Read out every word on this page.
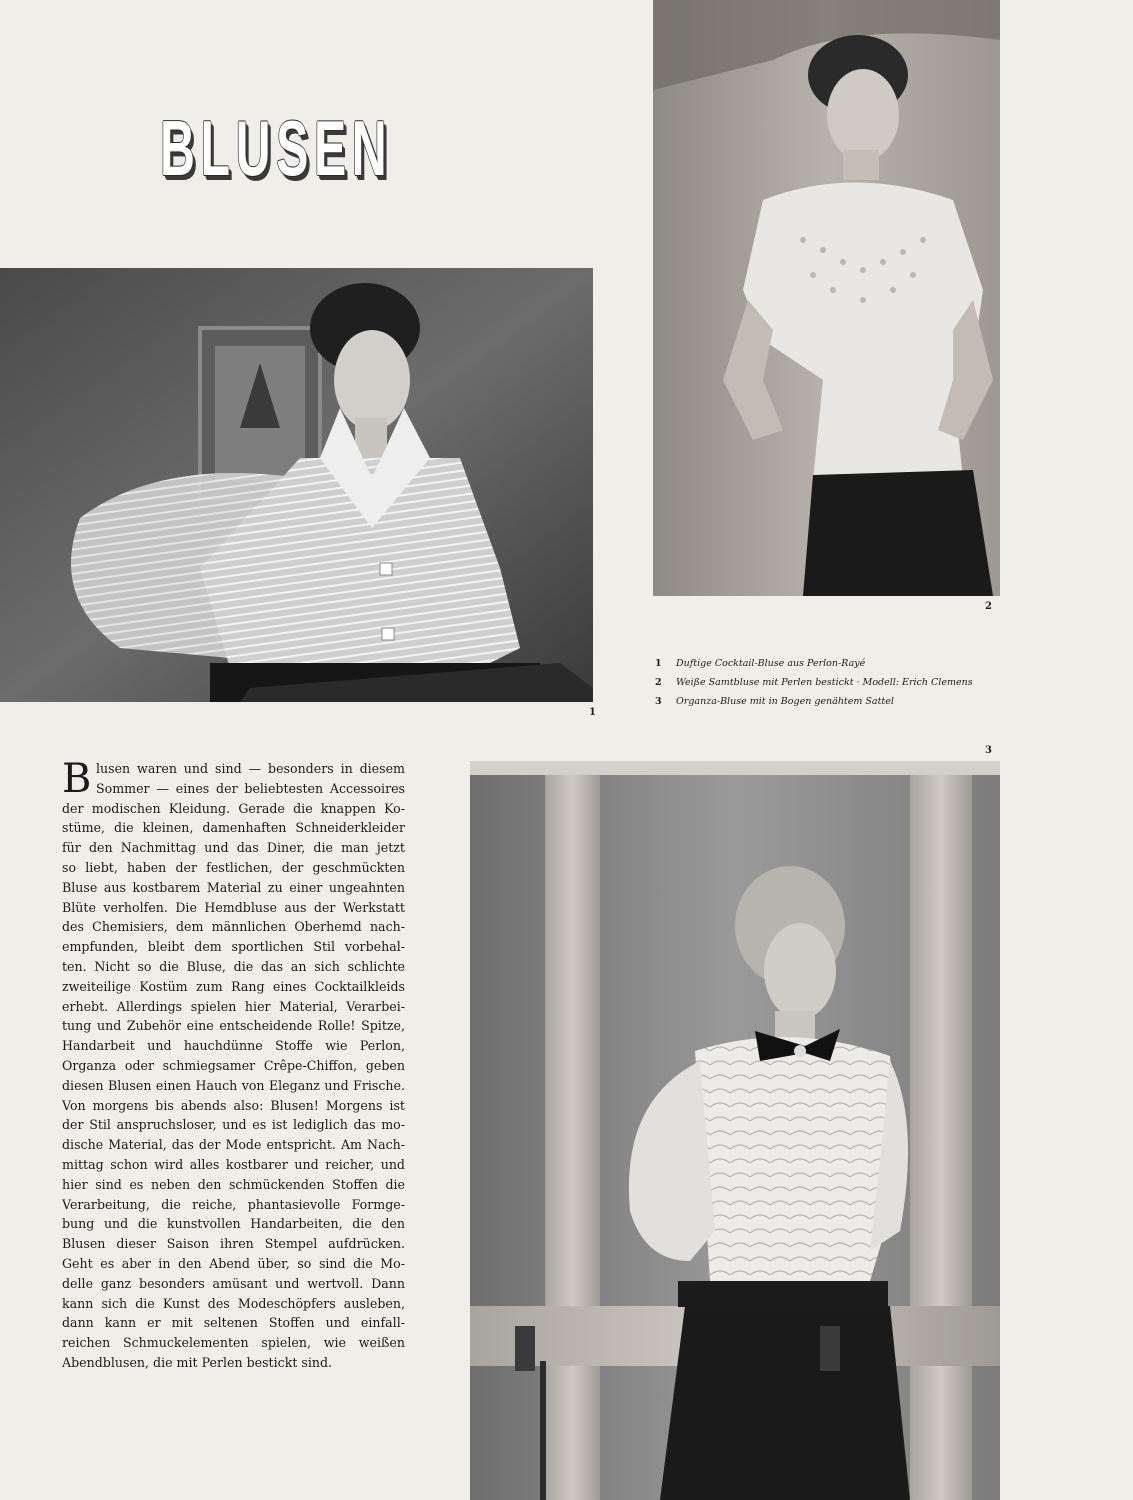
BLUSEN
1
2
1	Duftige Cocktail-Bluse aus Perlon-Rayé
2	Weiße Samtbluse mit Perlen bestickt · Modell: Erich Clemens
3	Organza-Bluse mit in Bogen genähtem Sattel
3
B lusen waren und sind — besonders in diesem
Sommer — eines der beliebtesten Accessoires
der modischen Kleidung. Gerade die knappen Ko-
stüme, die kleinen, damenhaften Schneiderkleider
für den Nachmittag und das Diner, die man jetzt
so liebt, haben der festlichen, der geschmückten
Bluse aus kostbarem Material zu einer ungeahnten
Blüte verholfen. Die Hemdbluse aus der Werkstatt
des Chemisiers, dem männlichen Oberhemd nach-
empfunden, bleibt dem sportlichen Stil vorbehal-
ten. Nicht so die Bluse, die das an sich schlichte
zweiteilige Kostüm zum Rang eines Cocktailkleids
erhebt. Allerdings spielen hier Material, Verarbei-
tung und Zubehör eine entscheidende Rolle! Spitze,
Handarbeit und hauchdünne Stoffe wie Perlon,
Organza oder schmiegsamer Crêpe-Chiffon, geben
diesen Blusen einen Hauch von Eleganz und Frische.
Von morgens bis abends also: Blusen! Morgens ist
der Stil anspruchsloser, und es ist lediglich das mo-
dische Material, das der Mode entspricht. Am Nach-
mittag schon wird alles kostbarer und reicher, und
hier sind es neben den schmückenden Stoffen die
Verarbeitung, die reiche, phantasievolle Formge-
bung und die kunstvollen Handarbeiten, die den
Blusen dieser Saison ihren Stempel aufdrücken.
Geht es aber in den Abend über, so sind die Mo-
delle ganz besonders amüsant und wertvoll. Dann
kann sich die Kunst des Modeschöpfers ausleben,
dann kann er mit seltenen Stoffen und einfall-
reichen Schmuckelementen spielen, wie weißen
Abendblusen, die mit Perlen bestickt sind.
